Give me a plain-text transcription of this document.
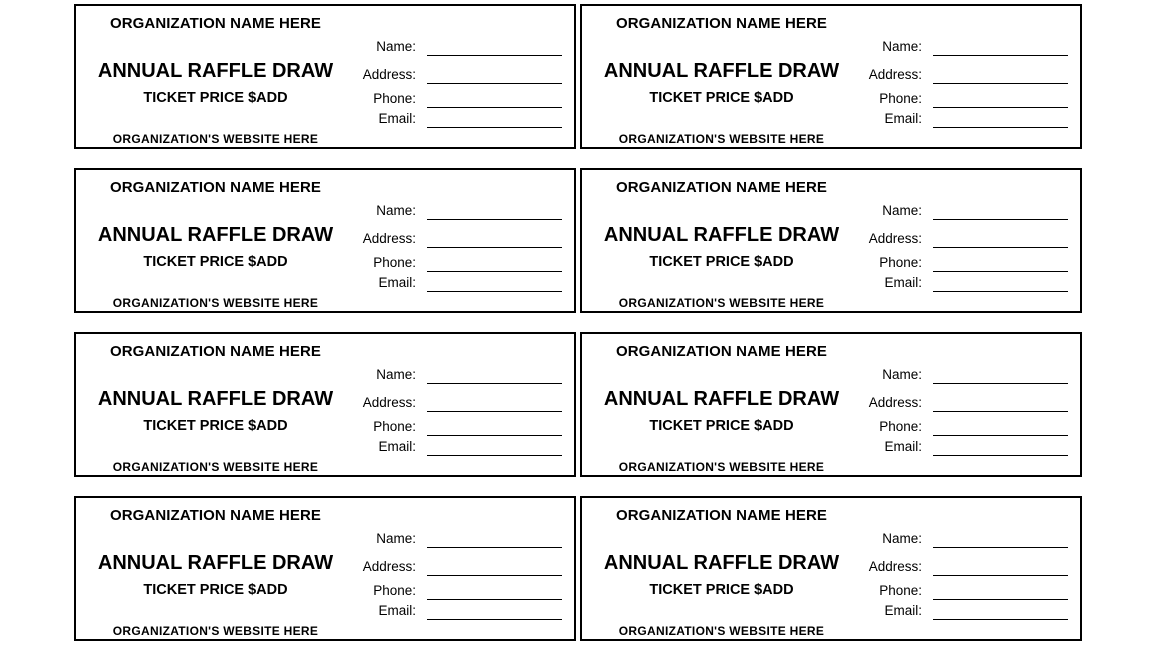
ORGANIZATION NAME HERE
ANNUAL RAFFLE DRAW
TICKET PRICE $ADD
ORGANIZATION'S WEBSITE HERE
Name:
Address:
Phone:
Email:
ORGANIZATION NAME HERE
ANNUAL RAFFLE DRAW
TICKET PRICE $ADD
ORGANIZATION'S WEBSITE HERE
Name:
Address:
Phone:
Email:
ORGANIZATION NAME HERE
ANNUAL RAFFLE DRAW
TICKET PRICE $ADD
ORGANIZATION'S WEBSITE HERE
Name:
Address:
Phone:
Email:
ORGANIZATION NAME HERE
ANNUAL RAFFLE DRAW
TICKET PRICE $ADD
ORGANIZATION'S WEBSITE HERE
Name:
Address:
Phone:
Email:
ORGANIZATION NAME HERE
ANNUAL RAFFLE DRAW
TICKET PRICE $ADD
ORGANIZATION'S WEBSITE HERE
Name:
Address:
Phone:
Email:
ORGANIZATION NAME HERE
ANNUAL RAFFLE DRAW
TICKET PRICE $ADD
ORGANIZATION'S WEBSITE HERE
Name:
Address:
Phone:
Email:
ORGANIZATION NAME HERE
ANNUAL RAFFLE DRAW
TICKET PRICE $ADD
ORGANIZATION'S WEBSITE HERE
Name:
Address:
Phone:
Email:
ORGANIZATION NAME HERE
ANNUAL RAFFLE DRAW
TICKET PRICE $ADD
ORGANIZATION'S WEBSITE HERE
Name:
Address:
Phone:
Email:
